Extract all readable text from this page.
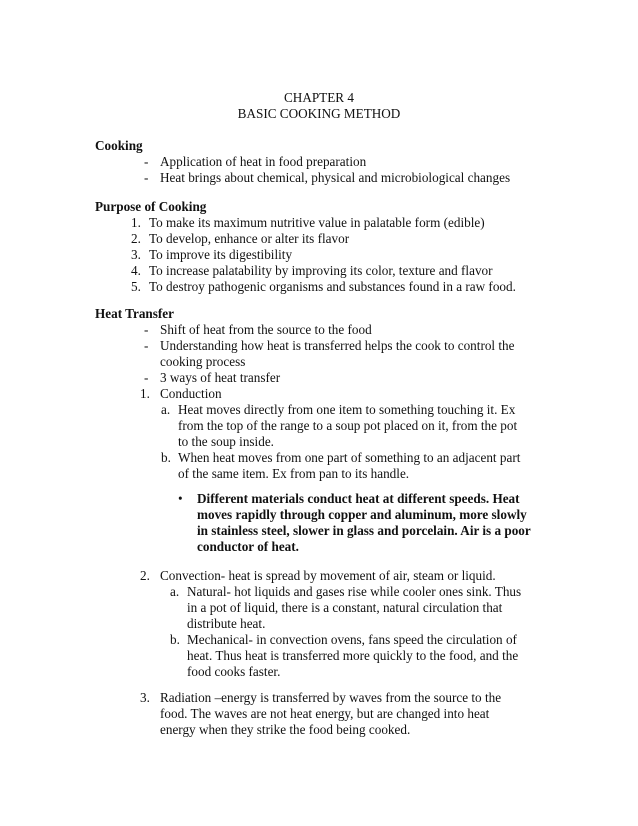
CHAPTER 4
BASIC COOKING METHOD
Cooking
- Application of heat in food preparation
- Heat brings about chemical, physical and microbiological changes
Purpose of Cooking
1. To make its maximum nutritive value in palatable form (edible)
2. To develop, enhance or alter its flavor
3. To improve its digestibility
4. To increase palatability by improving its color, texture and flavor
5. To destroy pathogenic organisms and substances found in a raw food.
Heat Transfer
- Shift of heat from the source to the food
- Understanding how heat is transferred helps the cook to control the
cooking process
- 3 ways of heat transfer
1. Conduction
a. Heat moves directly from one item to something touching it. Ex
from the top of the range to a soup pot placed on it, from the pot
to the soup inside.
b. When heat moves from one part of something to an adjacent part
of the same item. Ex from pan to its handle.
• Different materials conduct heat at different speeds. Heat
moves rapidly through copper and aluminum, more slowly
in stainless steel, slower in glass and porcelain. Air is a poor
conductor of heat.
2. Convection- heat is spread by movement of air, steam or liquid.
a. Natural- hot liquids and gases rise while cooler ones sink. Thus
in a pot of liquid, there is a constant, natural circulation that
distribute heat.
b. Mechanical- in convection ovens, fans speed the circulation of
heat. Thus heat is transferred more quickly to the food, and the
food cooks faster.
3. Radiation –energy is transferred by waves from the source to the
food. The waves are not heat energy, but are changed into heat
energy when they strike the food being cooked.
